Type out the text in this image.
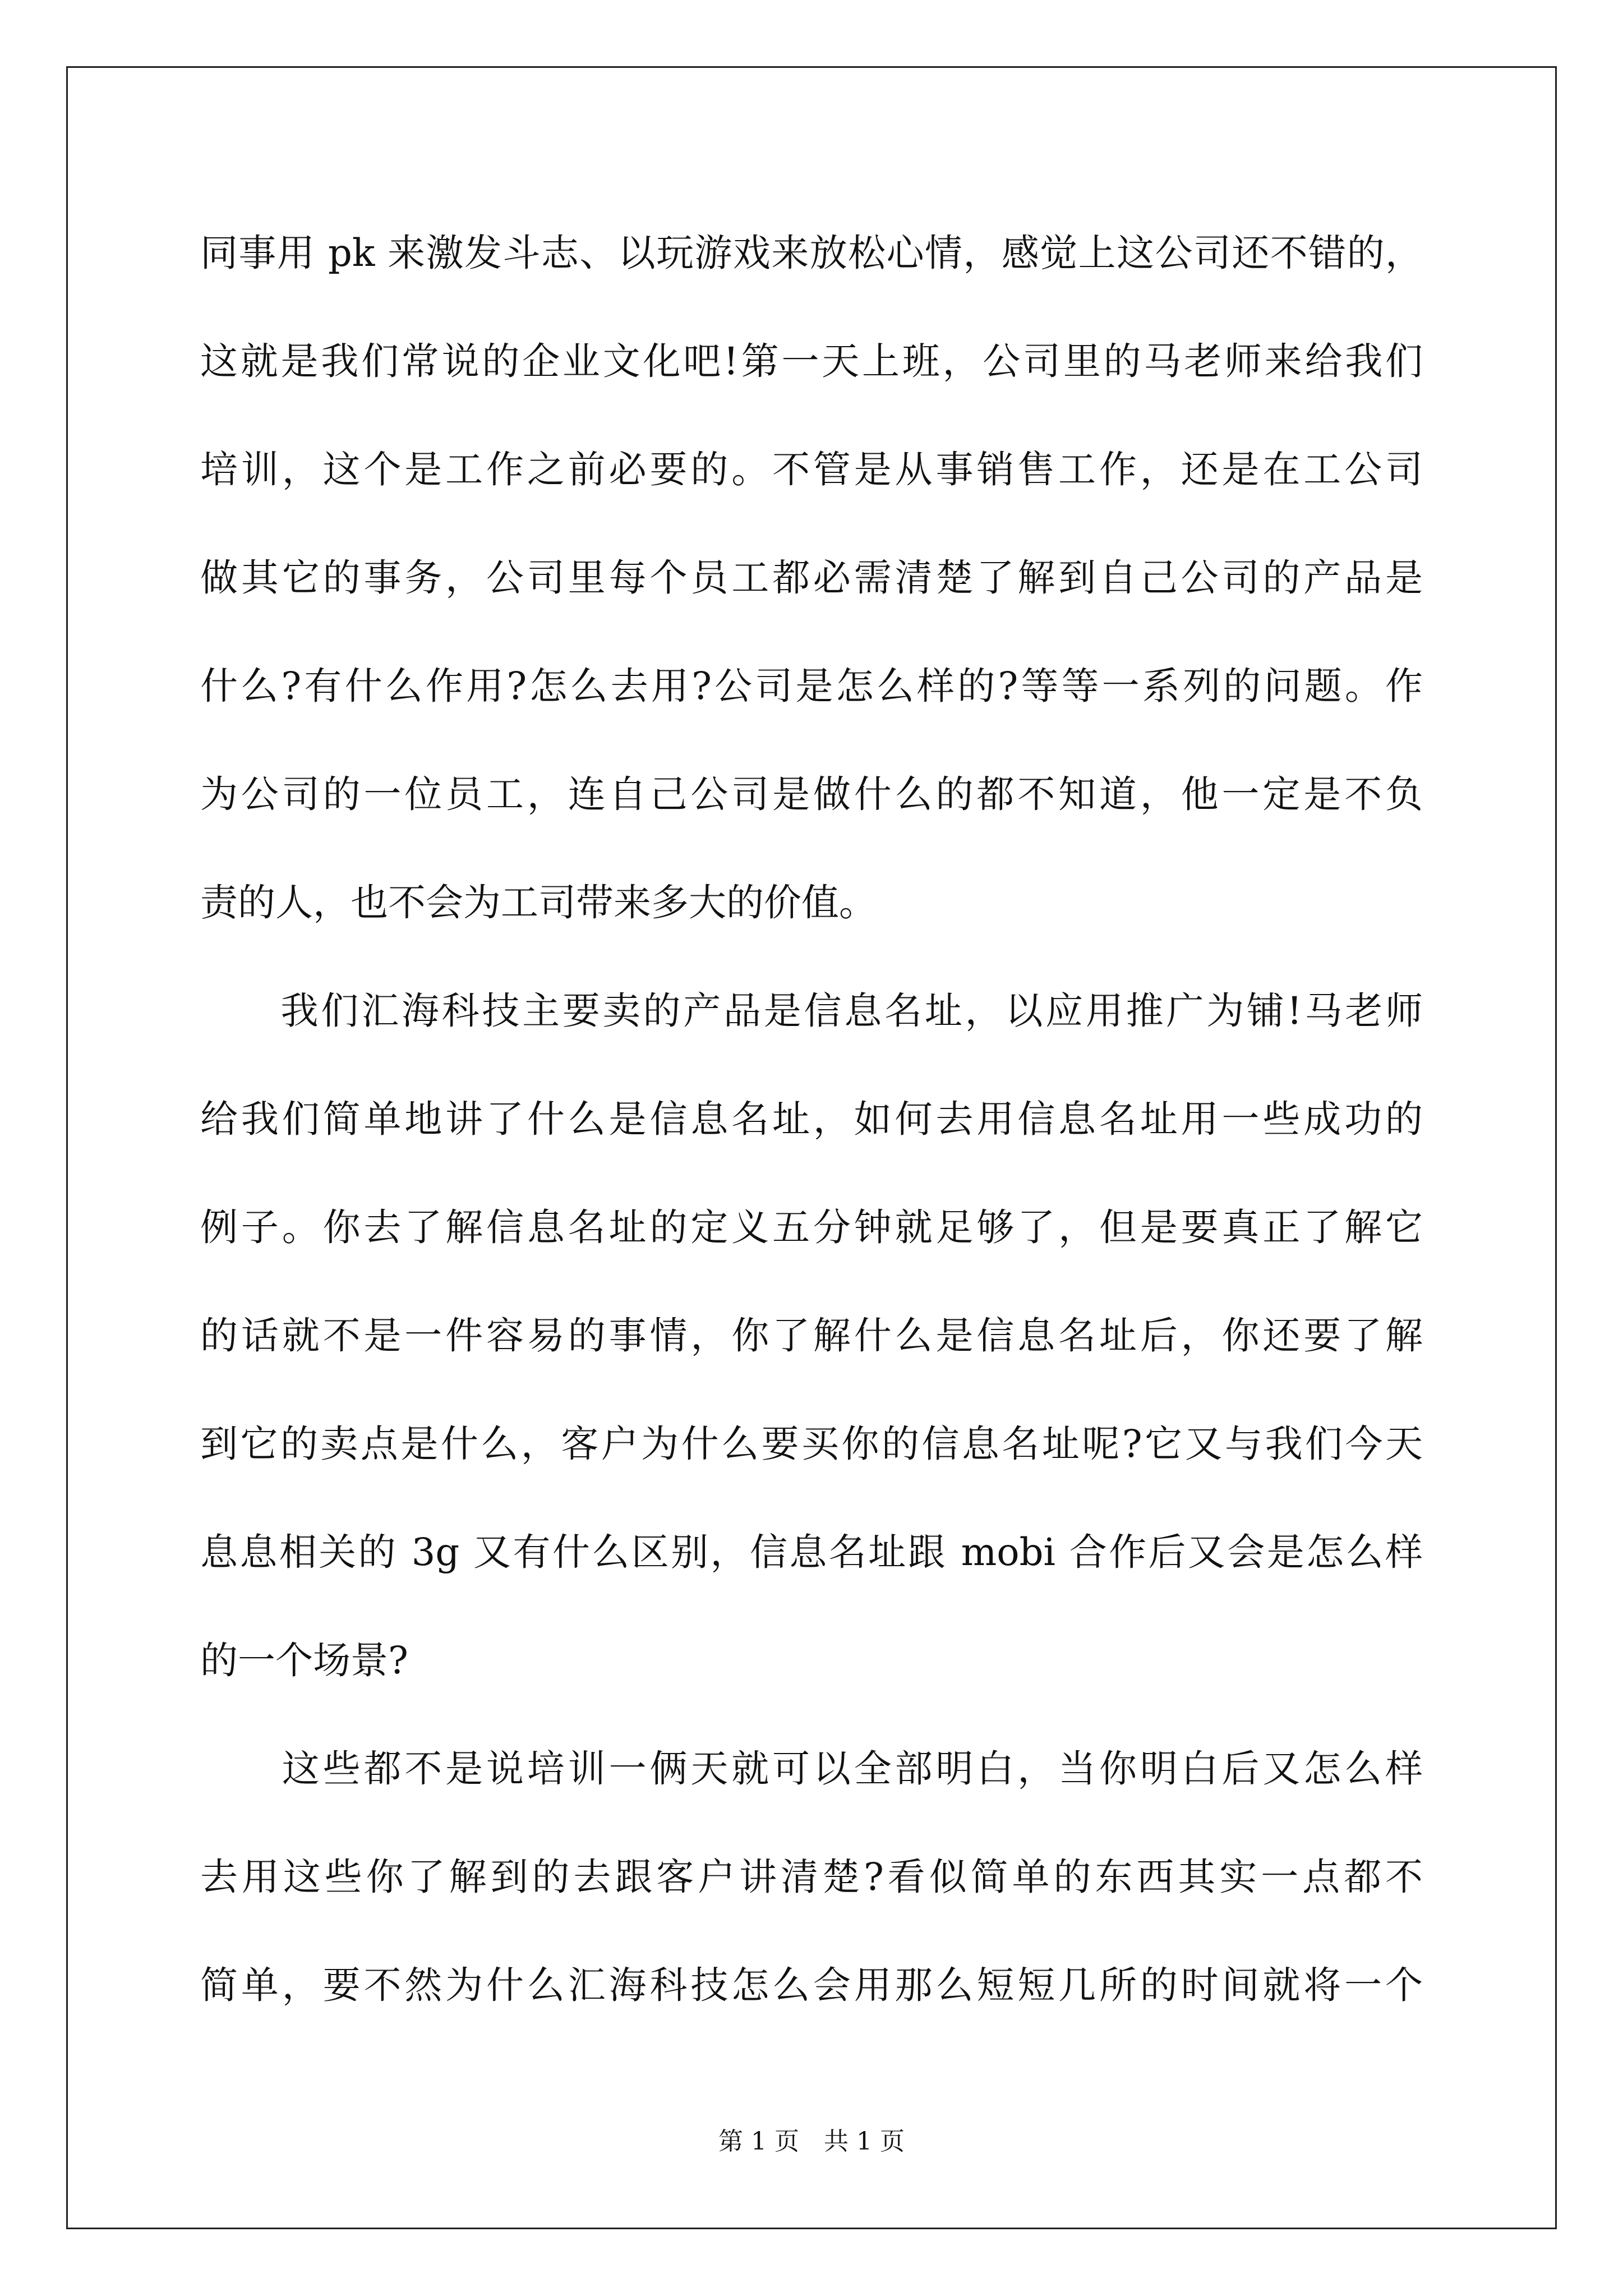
同事用 pk 来激发斗志、以玩游戏来放松心情，感觉上这公司还不错的，
这就是我们常说的企业文化吧!第一天上班，公司里的马老师来给我们
培训，这个是工作之前必要的。不管是从事销售工作，还是在工公司
做其它的事务，公司里每个员工都必需清楚了解到自己公司的产品是
什么?有什么作用?怎么去用?公司是怎么样的?等等一系列的问题。作
为公司的一位员工，连自己公司是做什么的都不知道，他一定是不负
责的人，也不会为工司带来多大的价值。
　　我们汇海科技主要卖的产品是信息名址，以应用推广为铺!马老师
给我们简单地讲了什么是信息名址，如何去用信息名址用一些成功的
例子。你去了解信息名址的定义五分钟就足够了，但是要真正了解它
的话就不是一件容易的事情，你了解什么是信息名址后，你还要了解
到它的卖点是什么，客户为什么要买你的信息名址呢?它又与我们今天
息息相关的 3g 又有什么区别，信息名址跟 mobi 合作后又会是怎么样
的一个场景?
　　这些都不是说培训一俩天就可以全部明白，当你明白后又怎么样
去用这些你了解到的去跟客户讲清楚?看似简单的东西其实一点都不
简单，要不然为什么汇海科技怎么会用那么短短几所的时间就将一个
第 1 页　共 1 页
